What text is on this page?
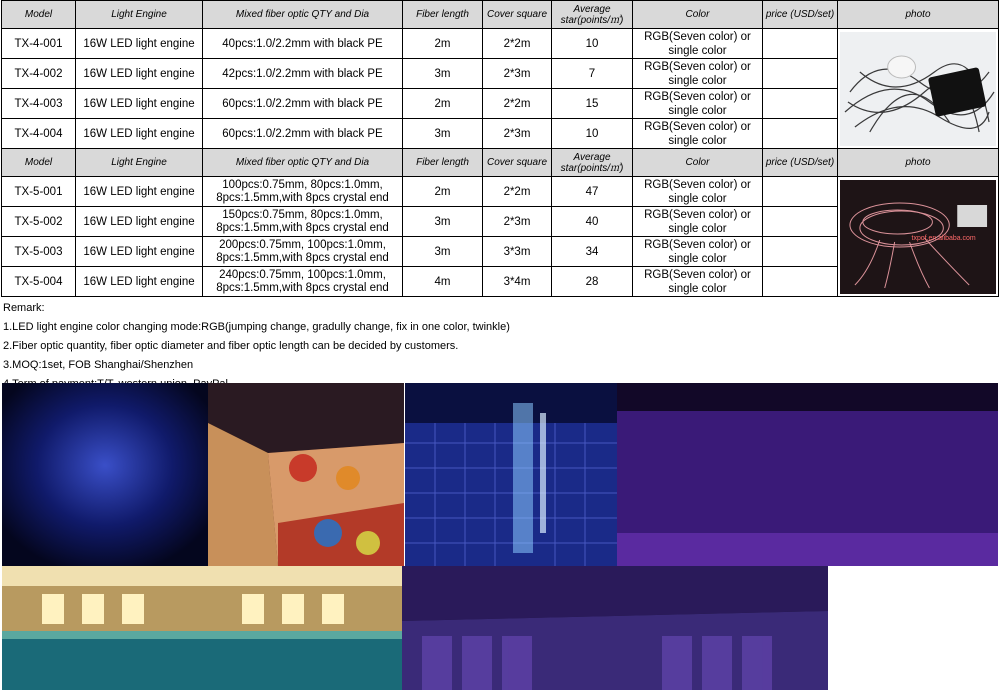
Model	Light Engine	Mixed fiber optic QTY and Dia	Fiber length	Cover square	Average star(points/㎡)	Color	price (USD/set)	photo
TX-4-001	16W LED light engine	40pcs:1.0/2.2mm with black PE	2m	2*2m	10	RGB(Seven color) or single color		

TX-4-002	16W LED light engine	42pcs:1.0/2.2mm with black PE	3m	2*3m	7	RGB(Seven color) or single color		
TX-4-003	16W LED light engine	60pcs:1.0/2.2mm with black PE	2m	2*2m	15	RGB(Seven color) or single color		
TX-4-004	16W LED light engine	60pcs:1.0/2.2mm with black PE	3m	2*3m	10	RGB(Seven color) or single color		
Model	Light Engine	Mixed fiber optic QTY and Dia	Fiber length	Cover square	Average star(points/㎡)	Color	price (USD/set)	photo
TX-5-001	16W LED light engine	100pcs:0.75mm, 80pcs:1.0mm, 8pcs:1.5mm,with 8pcs crystal end	2m	2*2m	47	RGB(Seven color) or single color		txpof.en.alibaba.com

TX-5-002	16W LED light engine	150pcs:0.75mm, 80pcs:1.0mm, 8pcs:1.5mm,with 8pcs crystal end	3m	2*3m	40	RGB(Seven color) or single color		
TX-5-003	16W LED light engine	200pcs:0.75mm, 100pcs:1.0mm, 8pcs:1.5mm,with 8pcs crystal end	3m	3*3m	34	RGB(Seven color) or single color		
TX-5-004	16W LED light engine	240pcs:0.75mm, 100pcs:1.0mm, 8pcs:1.5mm,with 8pcs crystal end	4m	3*4m	28	RGB(Seven color) or single color		
Remark:
1.LED light engine color changing mode:RGB(jumping change, gradully change, fix in one color, twinkle)
2.Fiber optic quantity, fiber optic diameter and fiber optic length can be decided by customers.
3.MOQ:1set, FOB Shanghai/Shenzhen
